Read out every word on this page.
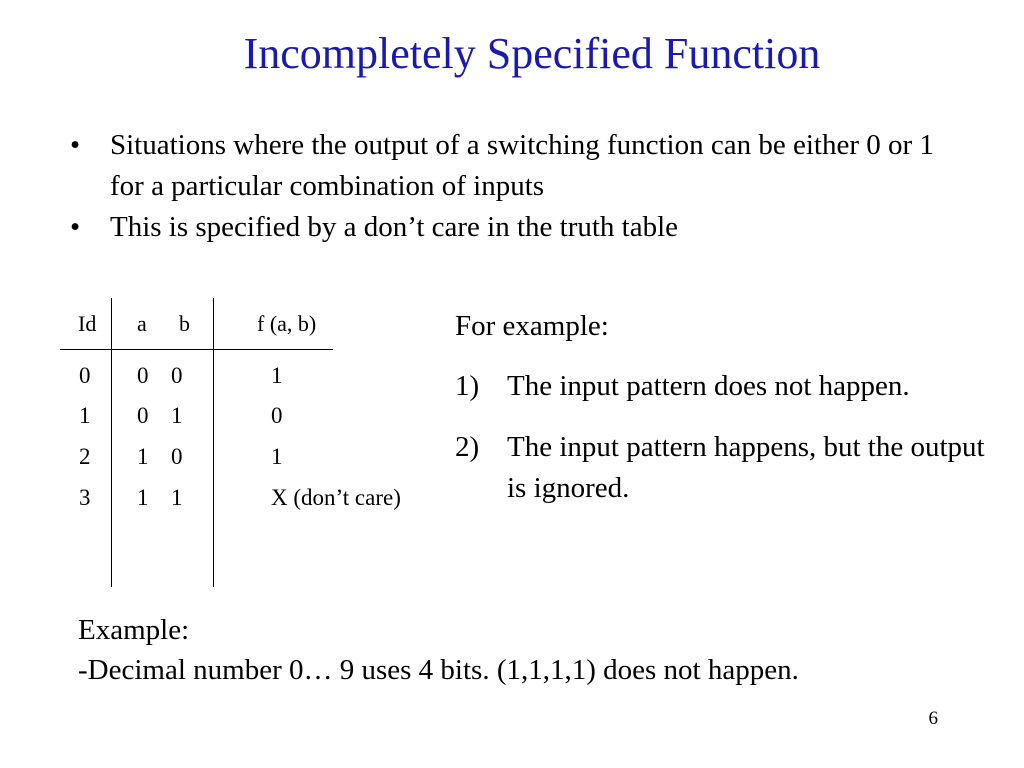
Incompletely Specified Function
• Situations where the output of a switching function can be either 0 or 1 for a particular combination of inputs
• This is specified by a don’t care in the truth table
Id a b	f (a, b)
0 0 0	1
1 0 1	0
2 1 0	1
3 1 1	X (don’t care)
For example:
1) The input pattern does not happen.
2) The input pattern happens, but the output is ignored.
Example:
-Decimal number 0… 9 uses 4 bits. (1,1,1,1) does not happen.
6
